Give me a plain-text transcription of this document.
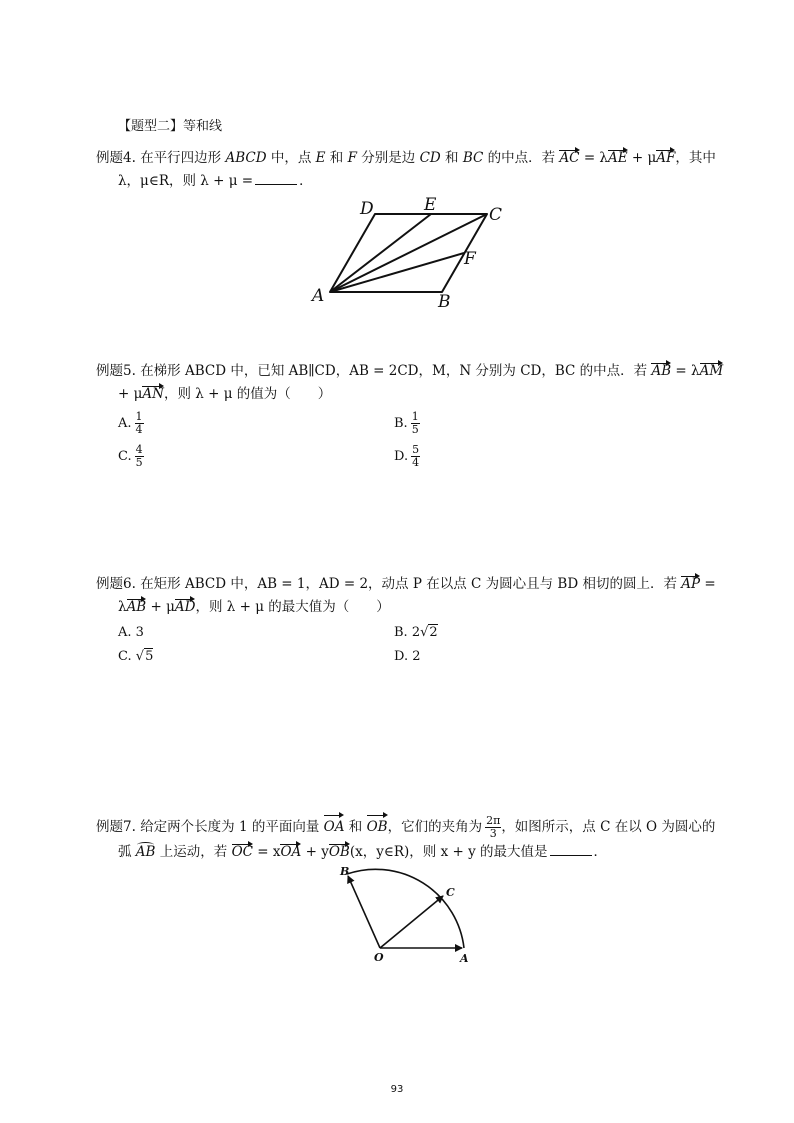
【题型二】等和线
例题4. 在平行四边形 ABCD 中，点 E 和 F 分别是边 CD 和 BC 的中点．若 AC = λAE + μAF，其中
λ，μ∈R，则 λ + μ =	．
D	E	C
F
A	B
例题5. 在梯形 ABCD 中，已知 AB∥CD，AB = 2CD，M，N 分别为 CD，BC 的中点．若 AB = λAM
+ μAN，则 λ + μ 的值为（　　）
A. $\frac{1}{4}$	B. $\frac{1}{5}$
C. $\frac{4}{5}$	D. $\frac{5}{4}$
例题6. 在矩形 ABCD 中，AB = 1，AD = 2，动点 P 在以点 C 为圆心且与 BD 相切的圆上．若 AP =
λAB + μAD，则 λ + μ 的最大值为（　　）
A. 3	B. 2√2
C. √5	D. 2
例题7. 给定两个长度为 1 的平面向量 OA 和 OB，它们的夹角为 $\frac{2\pi}{3}$ ，如图所示，点 C 在以 O 为圆心的
弧 AB 上运动，若 OC = xOA + yOB(x，y∈R)，则 x + y 的最大值是	．
O	A
B
C
93
